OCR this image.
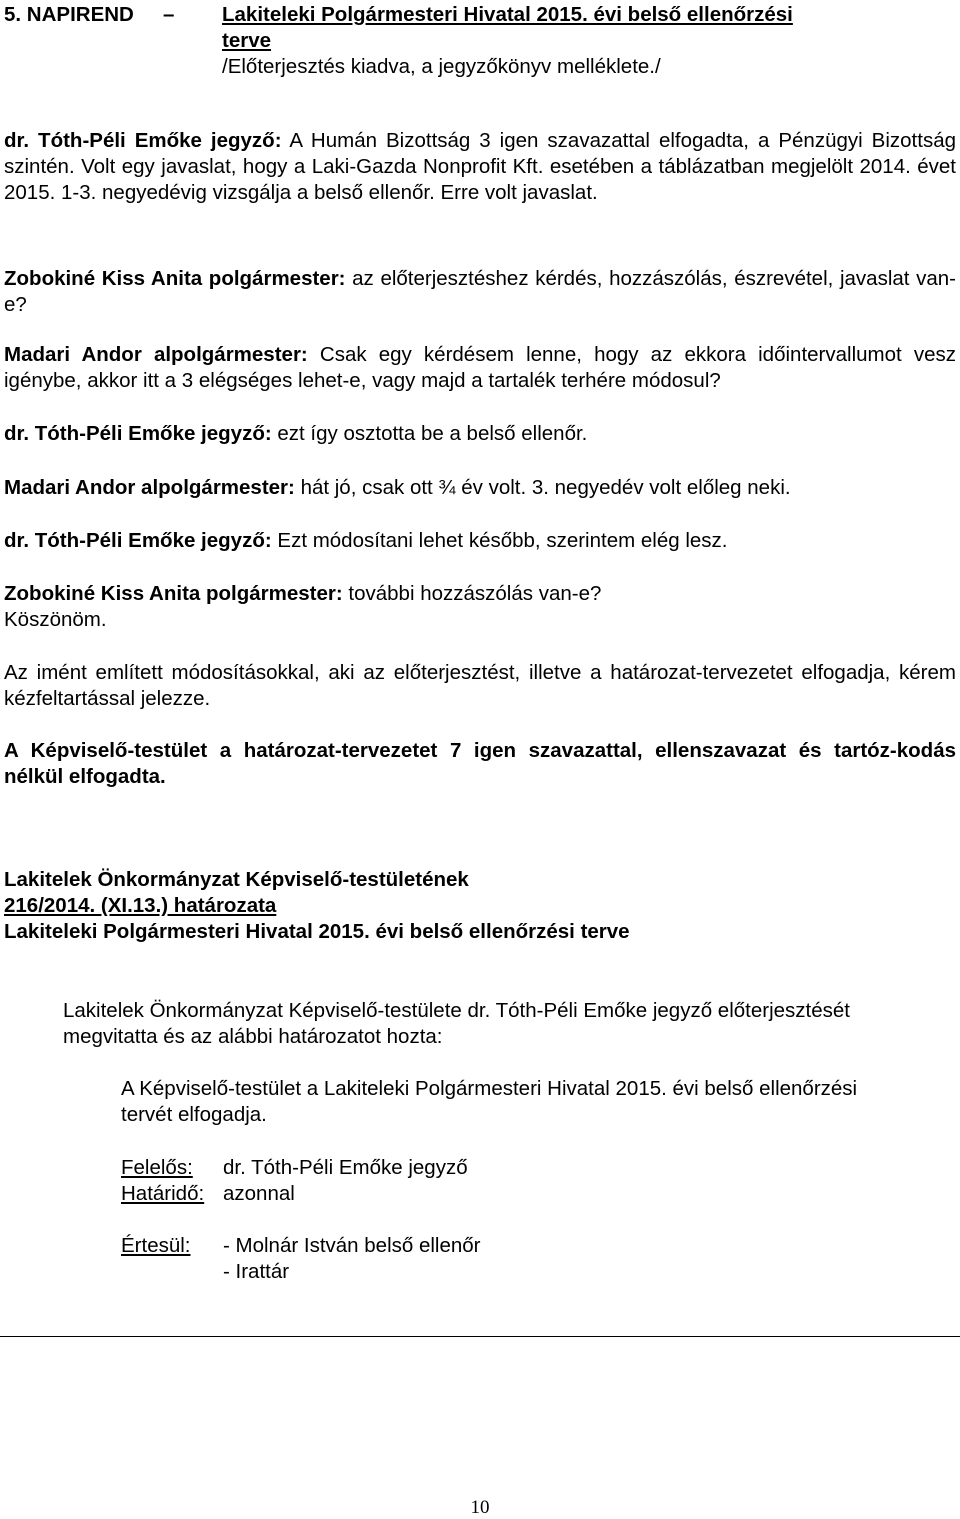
5. NAPIREND – Lakiteleki Polgármesteri Hivatal 2015. évi belső ellenőrzési
terve
/Előterjesztés kiadva, a jegyzőkönyv melléklete./

dr. Tóth-Péli Emőke jegyző: A Humán Bizottság 3 igen szavazattal elfogadta, a Pénzügyi Bizottság szintén. Volt egy javaslat, hogy a Laki-Gazda Nonprofit Kft. esetében a táblázatban megjelölt 2014. évet 2015. 1-3. negyedévig vizsgálja a belső ellenőr. Erre volt javaslat.

Zobokiné Kiss Anita polgármester: az előterjesztéshez kérdés, hozzászólás, észrevétel, javaslat van-e?

Madari Andor alpolgármester: Csak egy kérdésem lenne, hogy az ekkora időintervallumot vesz igénybe, akkor itt a 3 elégséges lehet-e, vagy majd a tartalék terhére módosul?

dr. Tóth-Péli Emőke jegyző: ezt így osztotta be a belső ellenőr.

Madari Andor alpolgármester: hát jó, csak ott ¾ év volt. 3. negyedév volt előleg neki.

dr. Tóth-Péli Emőke jegyző: Ezt módosítani lehet később, szerintem elég lesz.

Zobokiné Kiss Anita polgármester: további hozzászólás van-e?
Köszönöm.

Az imént említett módosításokkal, aki az előterjesztést, illetve a határozat-tervezetet elfogadja, kérem kézfeltartással jelezze.

A Képviselő-testület a határozat-tervezetet 7 igen szavazattal, ellenszavazat és tartóz-kodás nélkül elfogadta.

Lakitelek Önkormányzat Képviselő-testületének
216/2014. (XI.13.) határozata
Lakiteleki Polgármesteri Hivatal 2015. évi belső ellenőrzési terve
Lakitelek Önkormányzat Képviselő-testülete dr. Tóth-Péli Emőke jegyző előterjesztését
megvitatta és az alábbi határozatot hozta:
A Képviselő-testület a Lakiteleki Polgármesteri Hivatal 2015. évi belső ellenőrzési
tervét elfogadja.
Felelős: dr. Tóth-Péli Emőke jegyző
Határidő: azonnal
Értesül: - Molnár István belső ellenőr
- Irattár
10
